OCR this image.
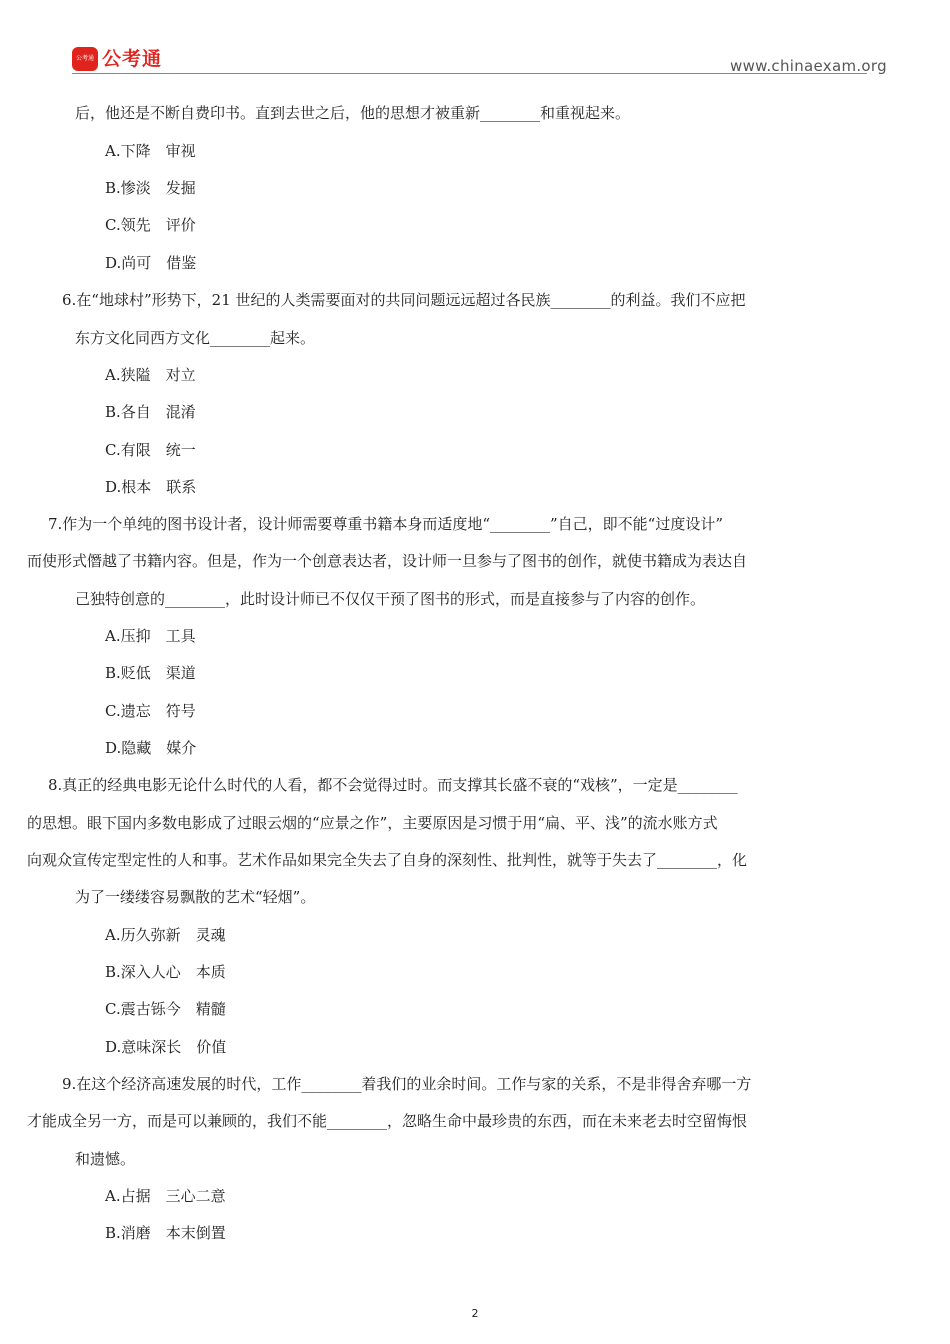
公考通 公考通	www.chinaexam.org
后，他还是不断自费印书。直到去世之后，他的思想才被重新________和重视起来。
A.下降　审视
B.惨淡　发掘
C.领先　评价
D.尚可　借鉴
6.在“地球村”形势下，21 世纪的人类需要面对的共同问题远远超过各民族________的利益。我们不应把
东方文化同西方文化________起来。
A.狭隘　对立
B.各自　混淆
C.有限　统一
D.根本　联系
7.作为一个单纯的图书设计者，设计师需要尊重书籍本身而适度地“________”自己，即不能“过度设计”
而使形式僭越了书籍内容。但是，作为一个创意表达者，设计师一旦参与了图书的创作，就使书籍成为表达自
己独特创意的________，此时设计师已不仅仅干预了图书的形式，而是直接参与了内容的创作。
A.压抑　工具
B.贬低　渠道
C.遗忘　符号
D.隐藏　媒介
8.真正的经典电影无论什么时代的人看，都不会觉得过时。而支撑其长盛不衰的“戏核”，一定是________
的思想。眼下国内多数电影成了过眼云烟的“应景之作”，主要原因是习惯于用“扁、平、浅”的流水账方式
向观众宣传定型定性的人和事。艺术作品如果完全失去了自身的深刻性、批判性，就等于失去了________，化
为了一缕缕容易飘散的艺术“轻烟”。
A.历久弥新　灵魂
B.深入人心　本质
C.震古铄今　精髓
D.意味深长　价值
9.在这个经济高速发展的时代，工作________着我们的业余时间。工作与家的关系，不是非得舍弃哪一方
才能成全另一方，而是可以兼顾的，我们不能________，忽略生命中最珍贵的东西，而在未来老去时空留悔恨
和遗憾。
A.占据　三心二意
B.消磨　本末倒置
2
